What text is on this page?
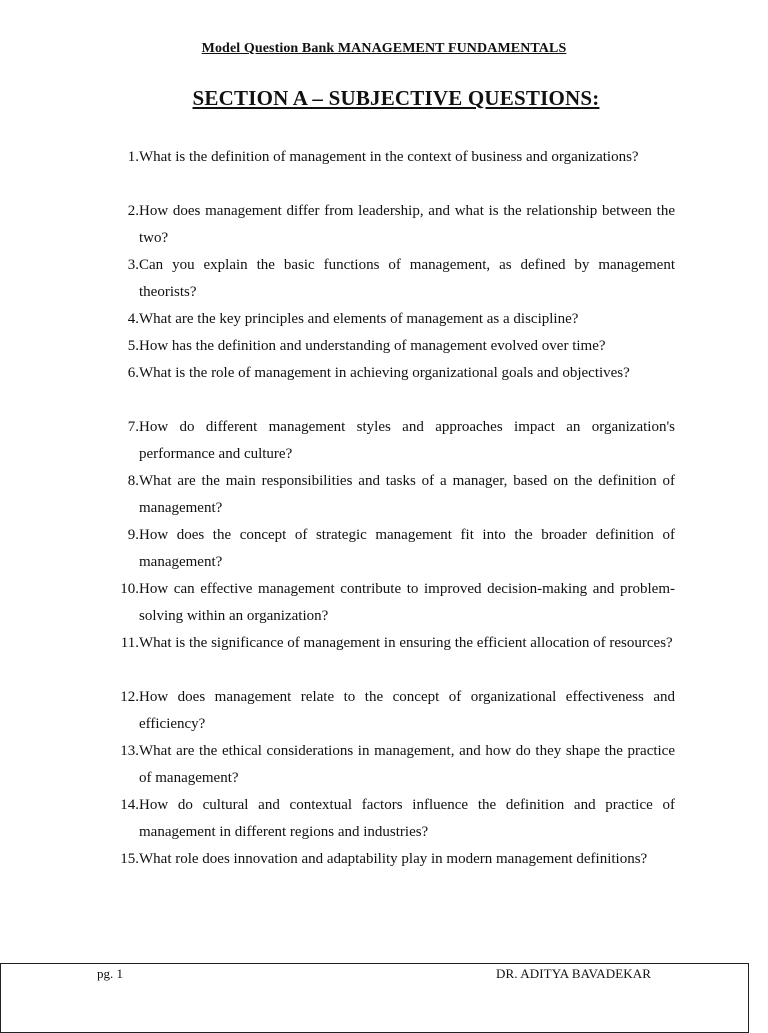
Model Question Bank MANAGEMENT FUNDAMENTALS
SECTION A – SUBJECTIVE QUESTIONS:
1. What is the definition of management in the context of business and organizations?
2. How does management differ from leadership, and what is the relationship between the two?
3. Can you explain the basic functions of management, as defined by management theorists?
4. What are the key principles and elements of management as a discipline?
5. How has the definition and understanding of management evolved over time?
6. What is the role of management in achieving organizational goals and objectives?
7. How do different management styles and approaches impact an organization's performance and culture?
8. What are the main responsibilities and tasks of a manager, based on the definition of management?
9. How does the concept of strategic management fit into the broader definition of management?
10. How can effective management contribute to improved decision-making and problem-solving within an organization?
11. What is the significance of management in ensuring the efficient allocation of resources?
12. How does management relate to the concept of organizational effectiveness and efficiency?
13. What are the ethical considerations in management, and how do they shape the practice of management?
14. How do cultural and contextual factors influence the definition and practice of management in different regions and industries?
15. What role does innovation and adaptability play in modern management definitions?
pg. 1	DR. ADITYA BAVADEKAR
